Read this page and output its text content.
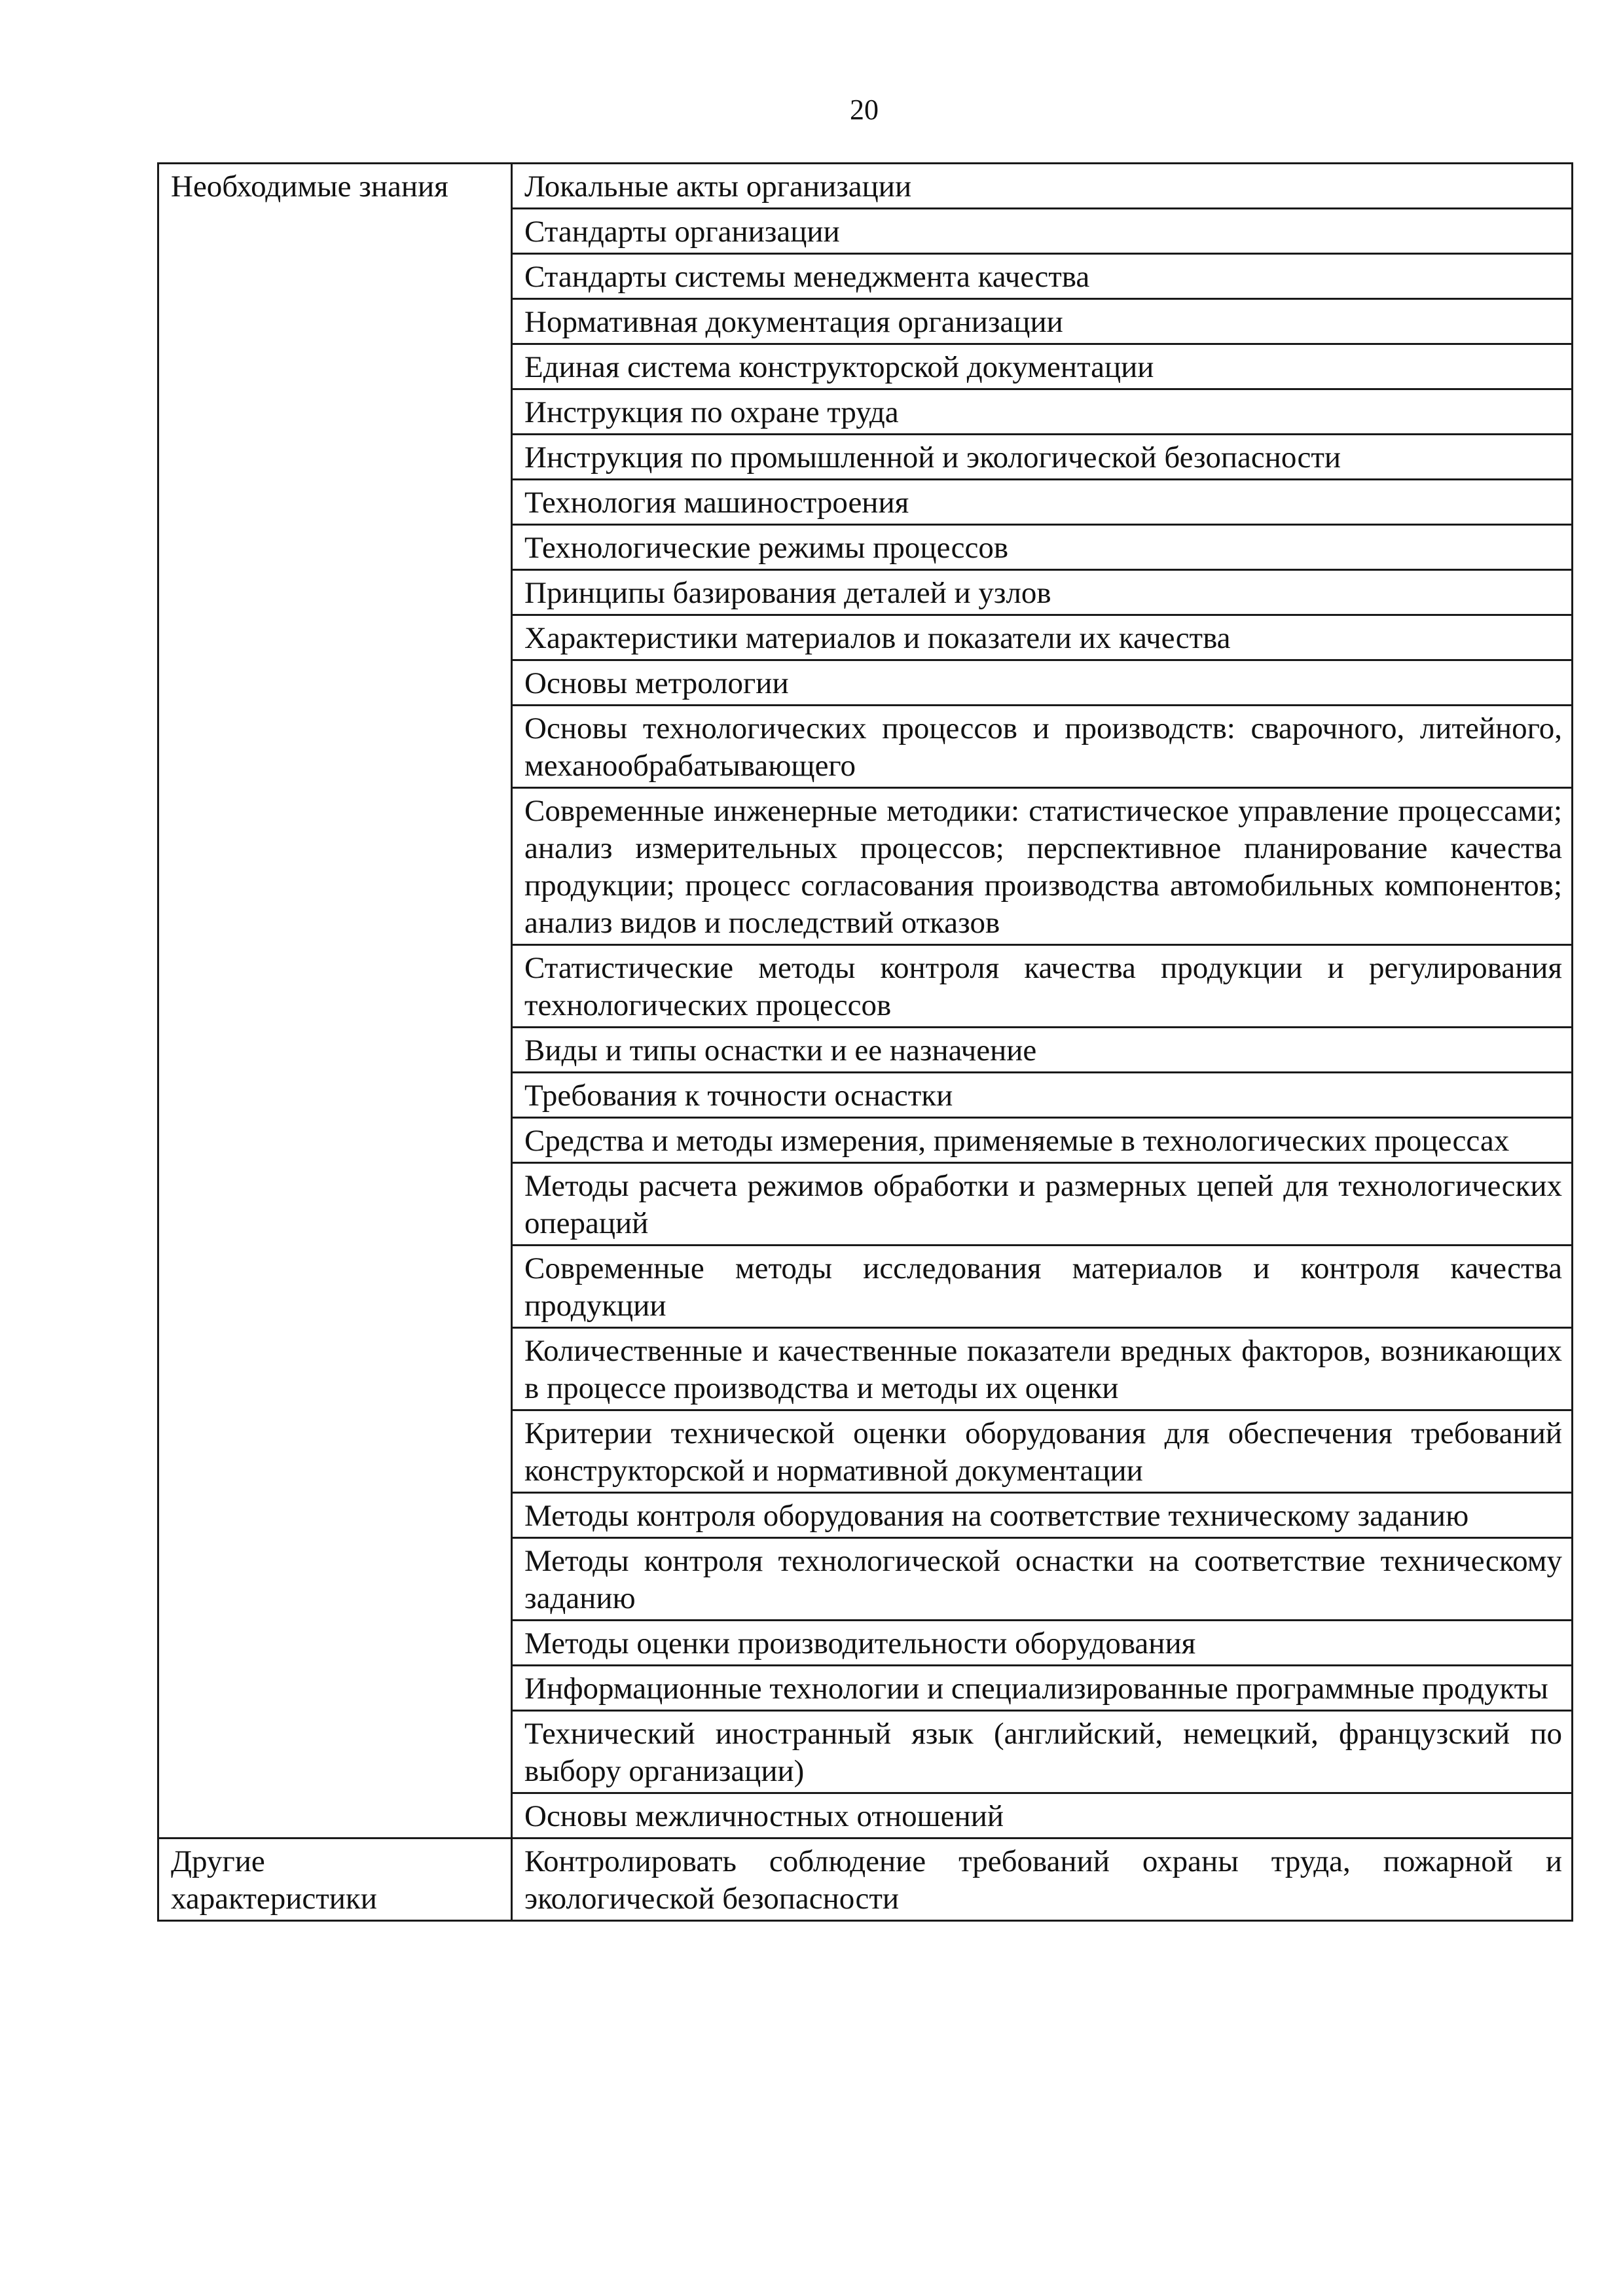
20
Необходимые знания	Локальные акты организации
	Стандарты организации
	Стандарты системы менеджмента качества
	Нормативная документация организации
	Единая система конструкторской документации
	Инструкция по охране труда
	Инструкция по промышленной и экологической безопасности
	Технология машиностроения
	Технологические режимы процессов
	Принципы базирования деталей и узлов
	Характеристики материалов и показатели их качества
	Основы метрологии
	Основы технологических процессов и производств: сварочного, литейного, механообрабатывающего
	Современные инженерные методики: статистическое управление процессами; анализ измерительных процессов; перспективное планирование качества продукции; процесс согласования производства автомобильных компонентов; анализ видов и последствий отказов
	Статистические методы контроля качества продукции и регулирования технологических процессов
	Виды и типы оснастки и ее назначение
	Требования к точности оснастки
	Средства и методы измерения, применяемые в технологических процессах
	Методы расчета режимов обработки и размерных цепей для технологических операций
	Современные методы исследования материалов и контроля качества продукции
	Количественные и качественные показатели вредных факторов, возникающих в процессе производства и методы их оценки
	Критерии технической оценки оборудования для обеспечения требований конструкторской и нормативной документации
	Методы контроля оборудования на соответствие техническому заданию
	Методы контроля технологической оснастки на соответствие техническому заданию
	Методы оценки производительности оборудования
	Информационные технологии и специализированные программные продукты
	Технический иностранный язык (английский, немецкий, французский по выбору организации)
	Основы межличностных отношений

Другие
характеристики	Контролировать соблюдение требований охраны труда, пожарной и экологической безопасности
